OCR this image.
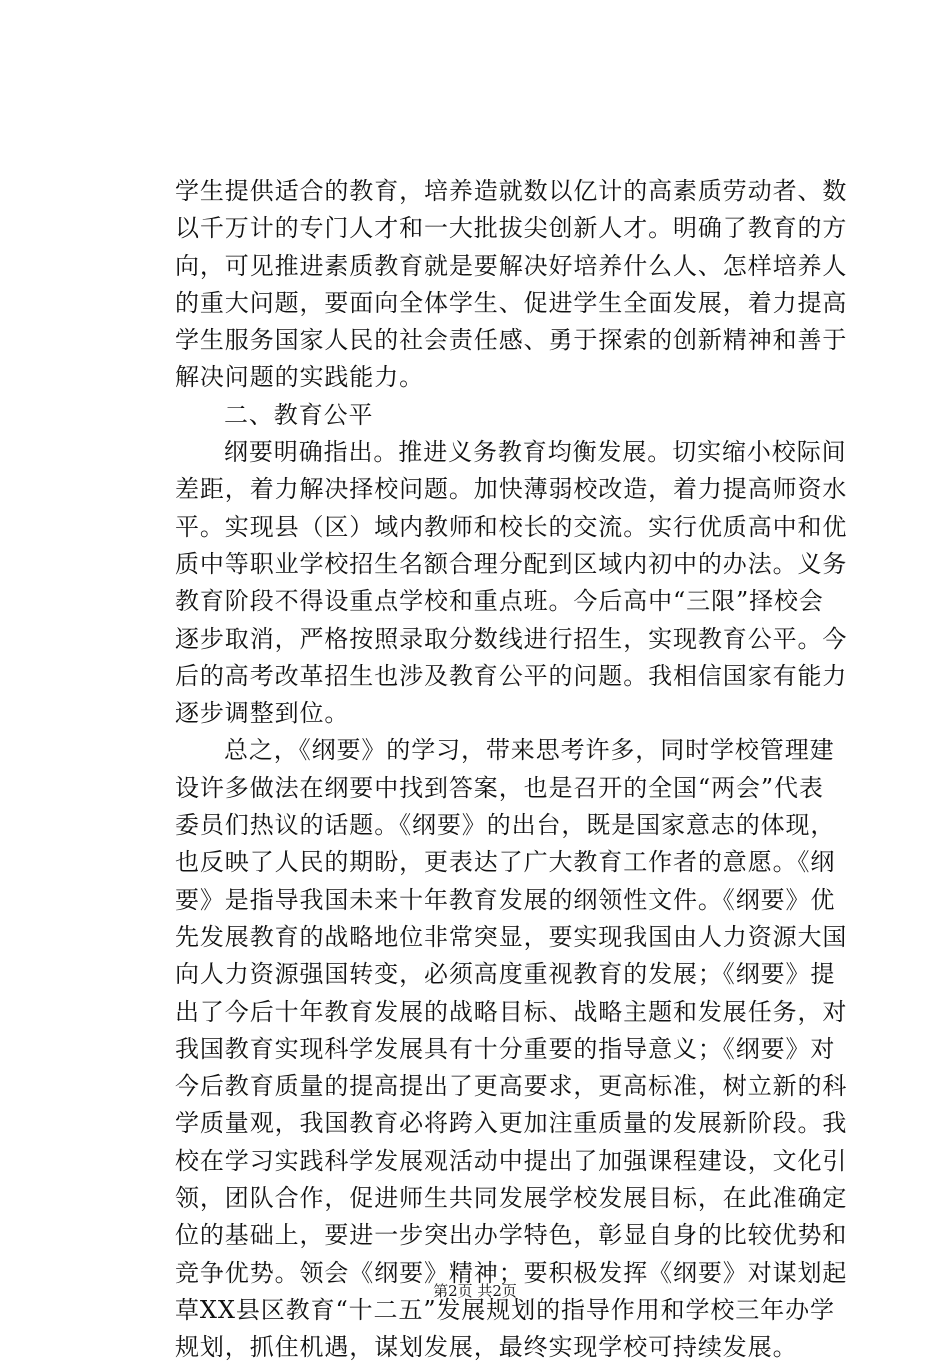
学生提供适合的教育，培养造就数以亿计的高素质劳动者、数
以千万计的专门人才和一大批拔尖创新人才。明确了教育的方
向，可见推进素质教育就是要解决好培养什么人、怎样培养人
的重大问题，要面向全体学生、促进学生全面发展，着力提高
学生服务国家人民的社会责任感、勇于探索的创新精神和善于
解决问题的实践能力。
二、教育公平
纲要明确指出。推进义务教育均衡发展。切实缩小校际间
差距，着力解决择校问题。加快薄弱校改造，着力提高师资水
平。实现县（区）域内教师和校长的交流。实行优质高中和优
质中等职业学校招生名额合理分配到区域内初中的办法。义务
教育阶段不得设重点学校和重点班。今后高中“三限”择校会
逐步取消，严格按照录取分数线进行招生，实现教育公平。今
后的高考改革招生也涉及教育公平的问题。我相信国家有能力
逐步调整到位。
总之，《纲要》的学习，带来思考许多，同时学校管理建
设许多做法在纲要中找到答案，也是召开的全国“两会”代表
委员们热议的话题。《纲要》的出台，既是国家意志的体现，
也反映了人民的期盼，更表达了广大教育工作者的意愿。《纲
要》是指导我国未来十年教育发展的纲领性文件。《纲要》优
先发展教育的战略地位非常突显，要实现我国由人力资源大国
向人力资源强国转变，必须高度重视教育的发展；《纲要》提
出了今后十年教育发展的战略目标、战略主题和发展任务，对
我国教育实现科学发展具有十分重要的指导意义；《纲要》对
今后教育质量的提高提出了更高要求，更高标准，树立新的科
学质量观，我国教育必将跨入更加注重质量的发展新阶段。我
校在学习实践科学发展观活动中提出了加强课程建设，文化引
领，团队合作，促进师生共同发展学校发展目标，在此准确定
位的基础上，要进一步突出办学特色，彰显自身的比较优势和
竞争优势。领会《纲要》精神；要积极发挥《纲要》对谋划起
草XX县区教育“十二五”发展规划的指导作用和学校三年办学
规划，抓住机遇，谋划发展，最终实现学校可持续发展。
第2页 共2页
